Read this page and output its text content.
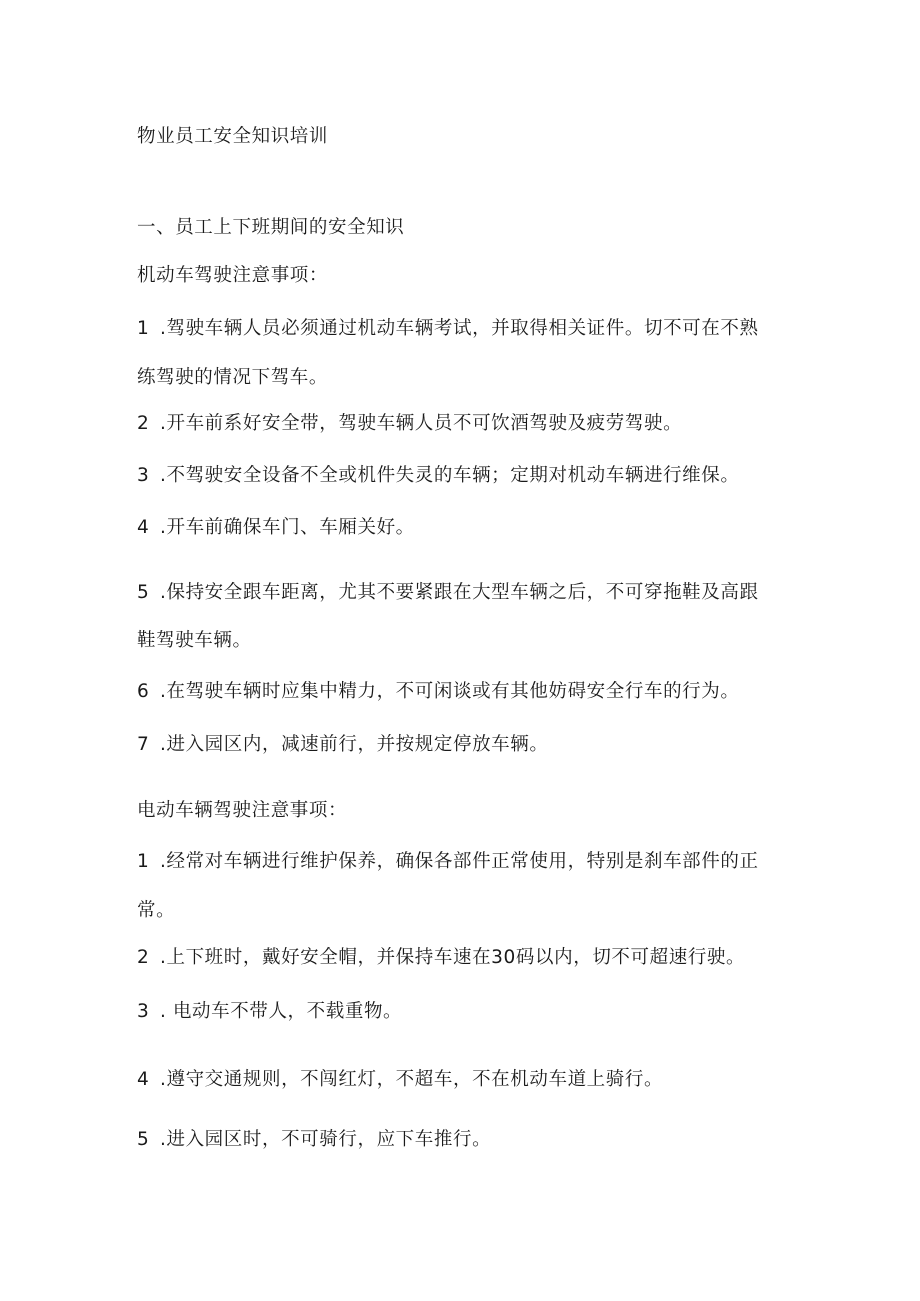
物业员工安全知识培训
一、员工上下班期间的安全知识
机动车驾驶注意事项：
1 .驾驶车辆人员必须通过机动车辆考试，并取得相关证件。切不可在不熟
练驾驶的情况下驾车。
2 .开车前系好安全带，驾驶车辆人员不可饮酒驾驶及疲劳驾驶。
3 .不驾驶安全设备不全或机件失灵的车辆；定期对机动车辆进行维保。
4 .开车前确保车门、车厢关好。
5 .保持安全跟车距离，尤其不要紧跟在大型车辆之后，不可穿拖鞋及高跟
鞋驾驶车辆。
6 .在驾驶车辆时应集中精力，不可闲谈或有其他妨碍安全行车的行为。
7 .进入园区内，减速前行，并按规定停放车辆。
电动车辆驾驶注意事项：
1 .经常对车辆进行维护保养，确保各部件正常使用，特别是刹车部件的正
常。
2 .上下班时，戴好安全帽，并保持车速在30码以内，切不可超速行驶。
3 . 电动车不带人，不载重物。
4 .遵守交通规则，不闯红灯，不超车，不在机动车道上骑行。
5 .进入园区时，不可骑行，应下车推行。
